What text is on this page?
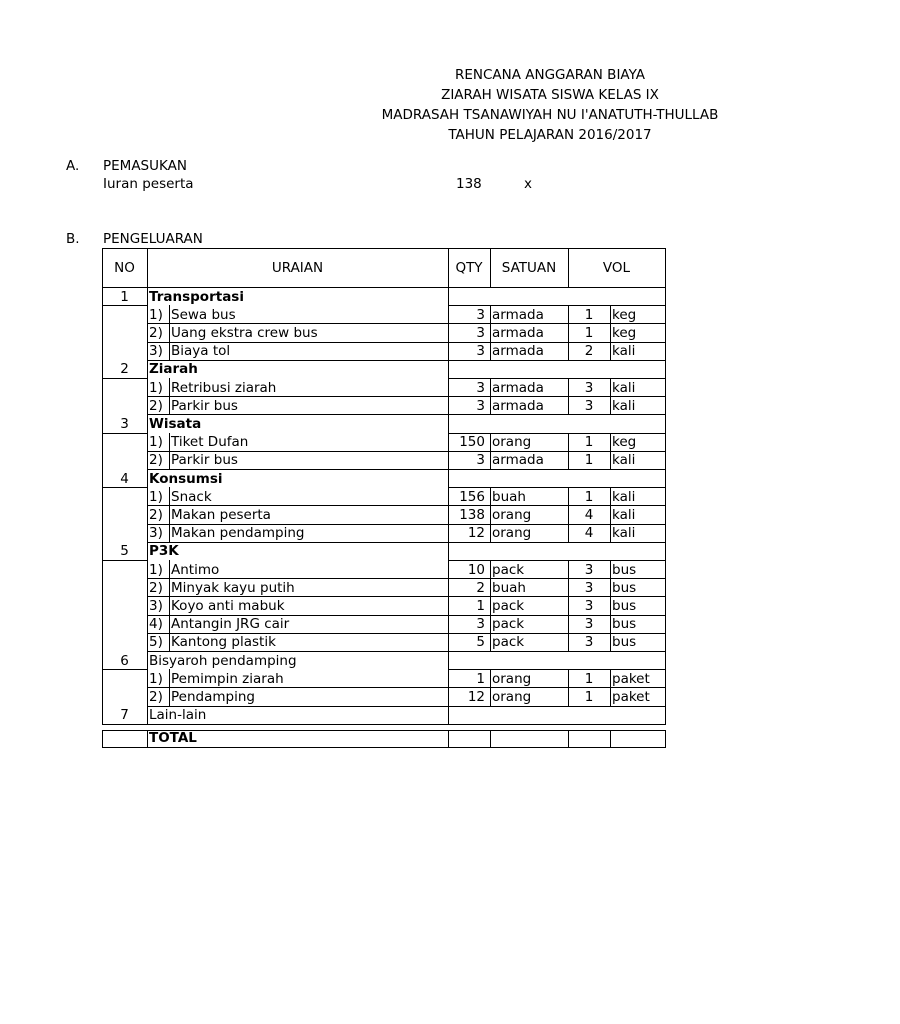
RENCANA ANGGARAN BIAYA
ZIARAH WISATA SISWA KELAS IX
MADRASAH TSANAWIYAH NU I'ANATUTH-THULLAB
TAHUN PELAJARAN 2016/2017
A. PEMASUKAN
Iuran peserta	138	x
B. PENGELUARAN
NO	URAIAN	QTY	SATUAN	VOL
1	Transportasi
1) Sewa bus	3 armada	1	keg
2) Uang ekstra crew bus	3 armada	1	keg
3) Biaya tol	3 armada	2	kali
2	Ziarah
1) Retribusi ziarah	3 armada	3	kali
2) Parkir bus	3 armada	3	kali
3	Wisata
1) Tiket Dufan	150 orang	1	keg
2) Parkir bus	3 armada	1	kali
4	Konsumsi
1) Snack	156 buah	1	kali
2) Makan peserta	138 orang	4	kali
3) Makan pendamping	12 orang	4	kali
5	P3K
1) Antimo	10 pack	3	bus
2) Minyak kayu putih	2 buah	3	bus
3) Koyo anti mabuk	1 pack	3	bus
4) Antangin JRG cair	3 pack	3	bus
5) Kantong plastik	5 pack	3	bus
6	Bisyaroh pendamping
1) Pemimpin ziarah	1 orang	1	paket
2) Pendamping	12 orang	1	paket
7	Lain-lain
TOTAL
